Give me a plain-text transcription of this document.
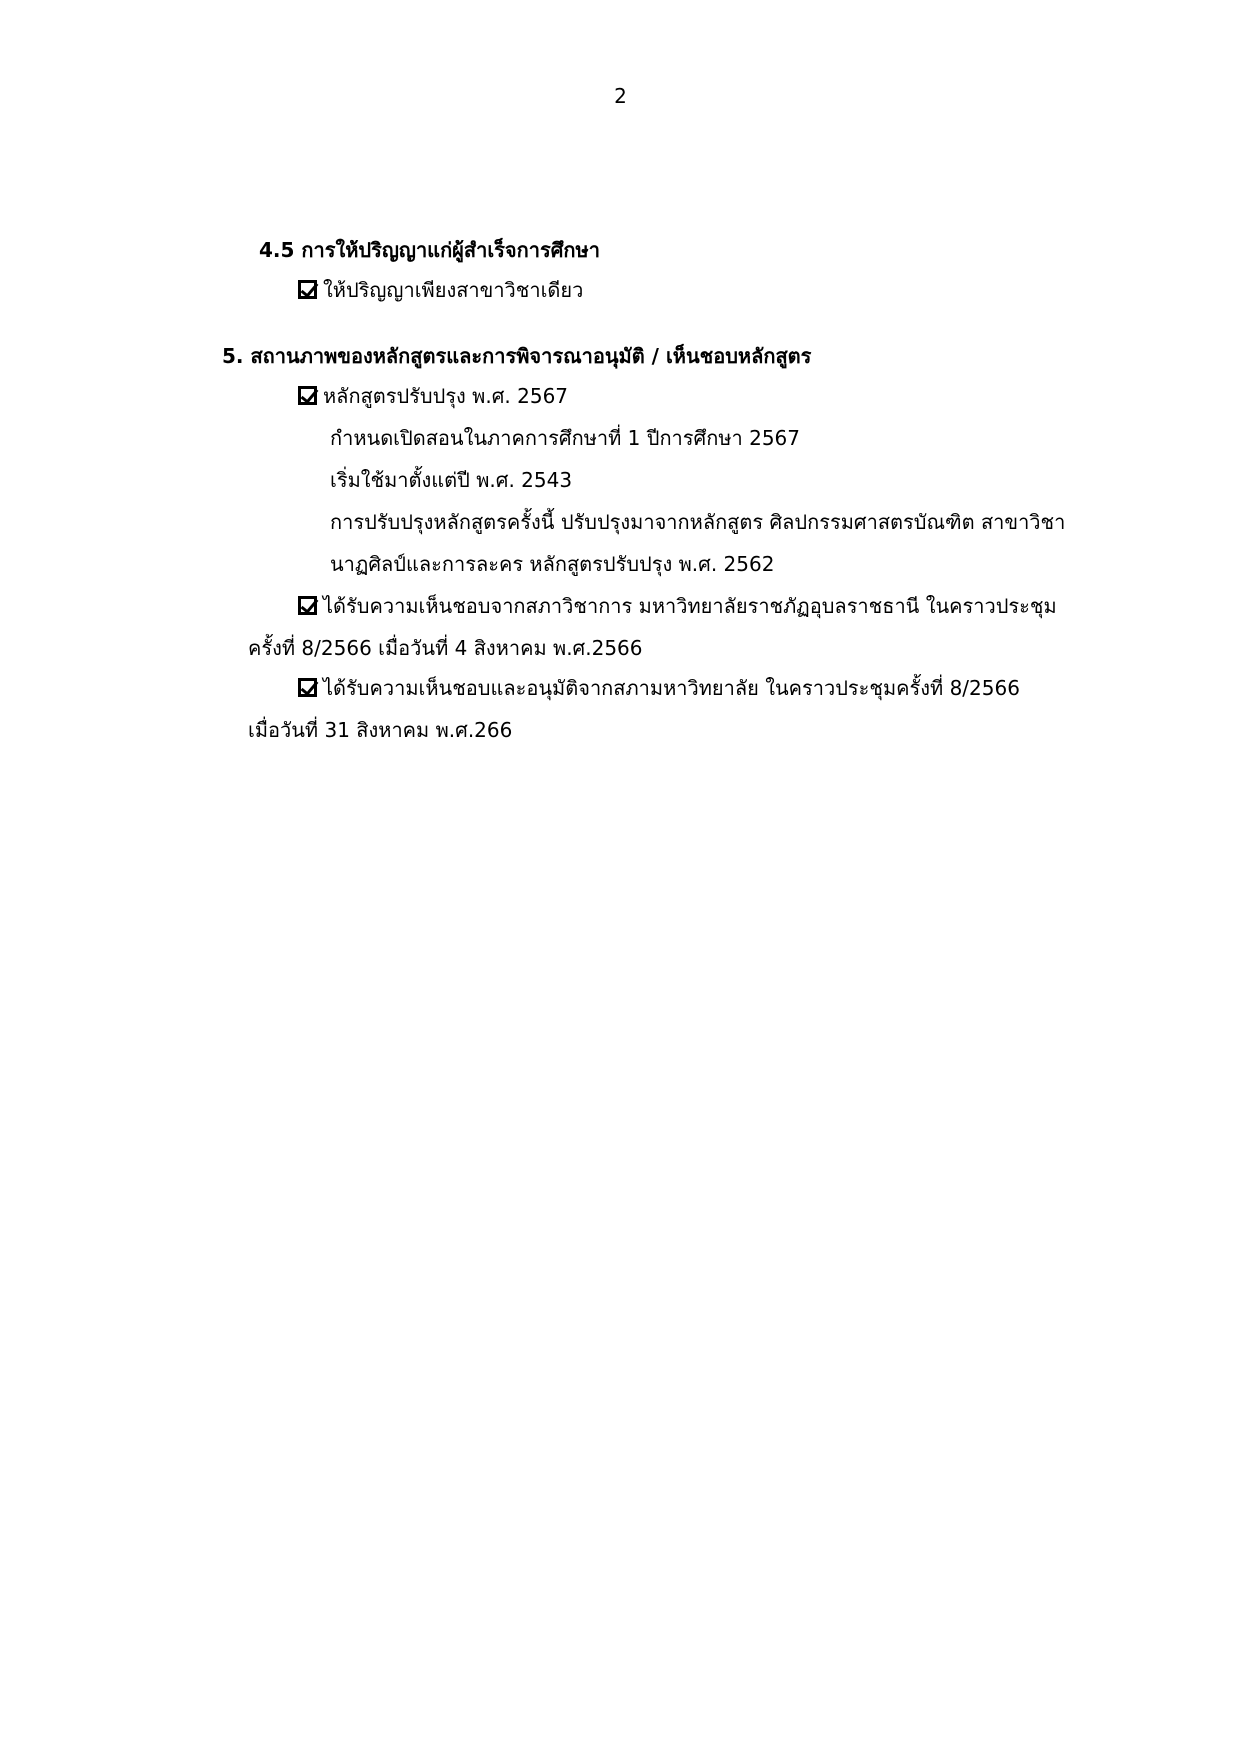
2
4.5 การให้ปริญญาแก่ผู้สำเร็จการศึกษา
ให้ปริญญาเพียงสาขาวิชาเดียว
5. สถานภาพของหลักสูตรและการพิจารณาอนุมัติ / เห็นชอบหลักสูตร
หลักสูตรปรับปรุง พ.ศ. 2567
กำหนดเปิดสอนในภาคการศึกษาที่ 1 ปีการศึกษา 2567
เริ่มใช้มาตั้งแต่ปี พ.ศ. 2543
การปรับปรุงหลักสูตรครั้งนี้ ปรับปรุงมาจากหลักสูตร ศิลปกรรมศาสตรบัณฑิต สาขาวิชา
นาฏศิลป์และการละคร หลักสูตรปรับปรุง พ.ศ. 2562
ได้รับความเห็นชอบจากสภาวิชาการ มหาวิทยาลัยราชภัฏอุบลราชธานี ในคราวประชุม
ครั้งที่ 8/2566 เมื่อวันที่ 4 สิงหาคม พ.ศ.2566
ได้รับความเห็นชอบและอนุมัติจากสภามหาวิทยาลัย ในคราวประชุมครั้งที่ 8/2566
เมื่อวันที่ 31 สิงหาคม พ.ศ.266
